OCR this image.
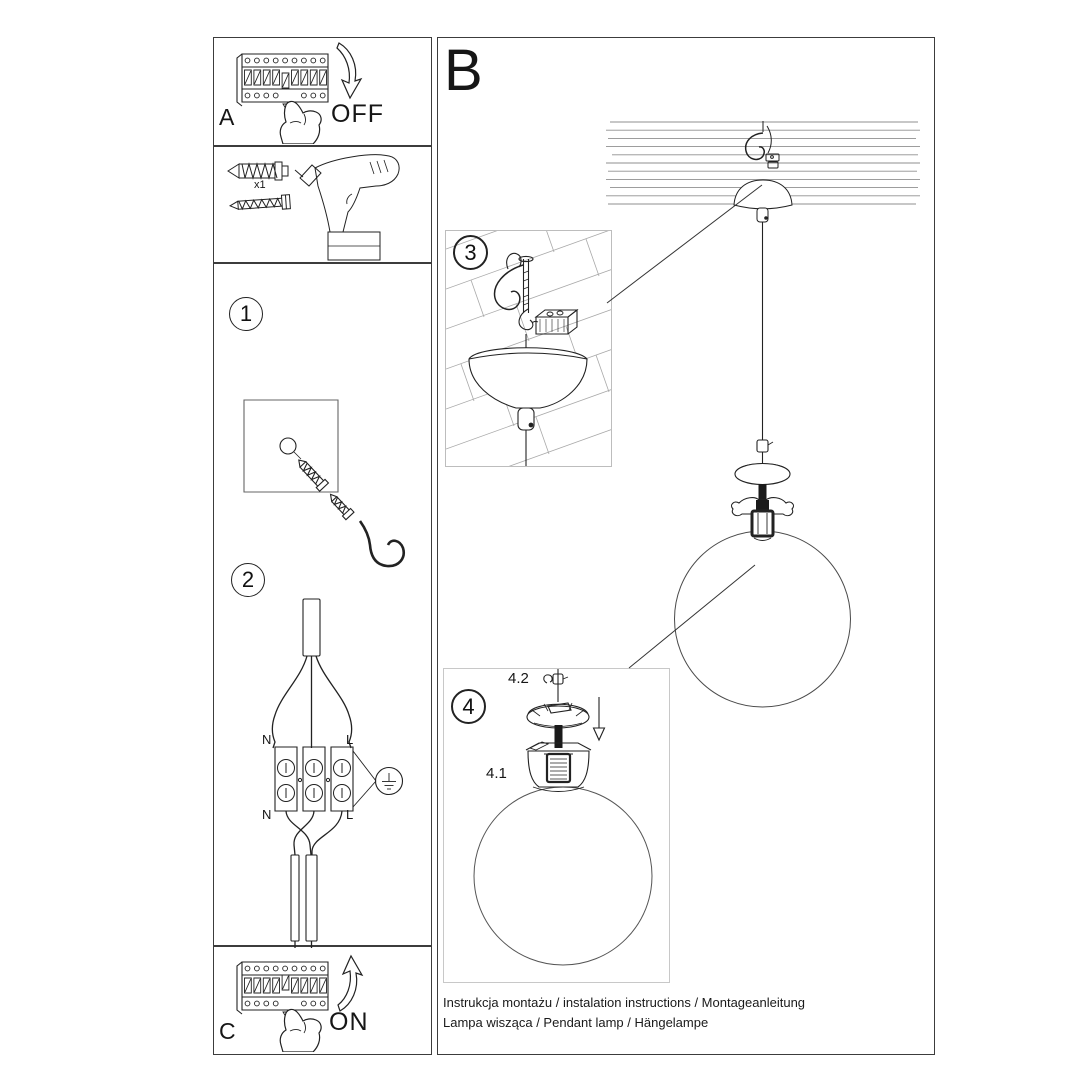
A	OFF
x1
1
2
N	L
N	L
C	ON
B
3
4
4.2
4.1
Instrukcja montażu / instalation instructions / Montageanleitung
Lampa wisząca / Pendant lamp / Hängelampe
